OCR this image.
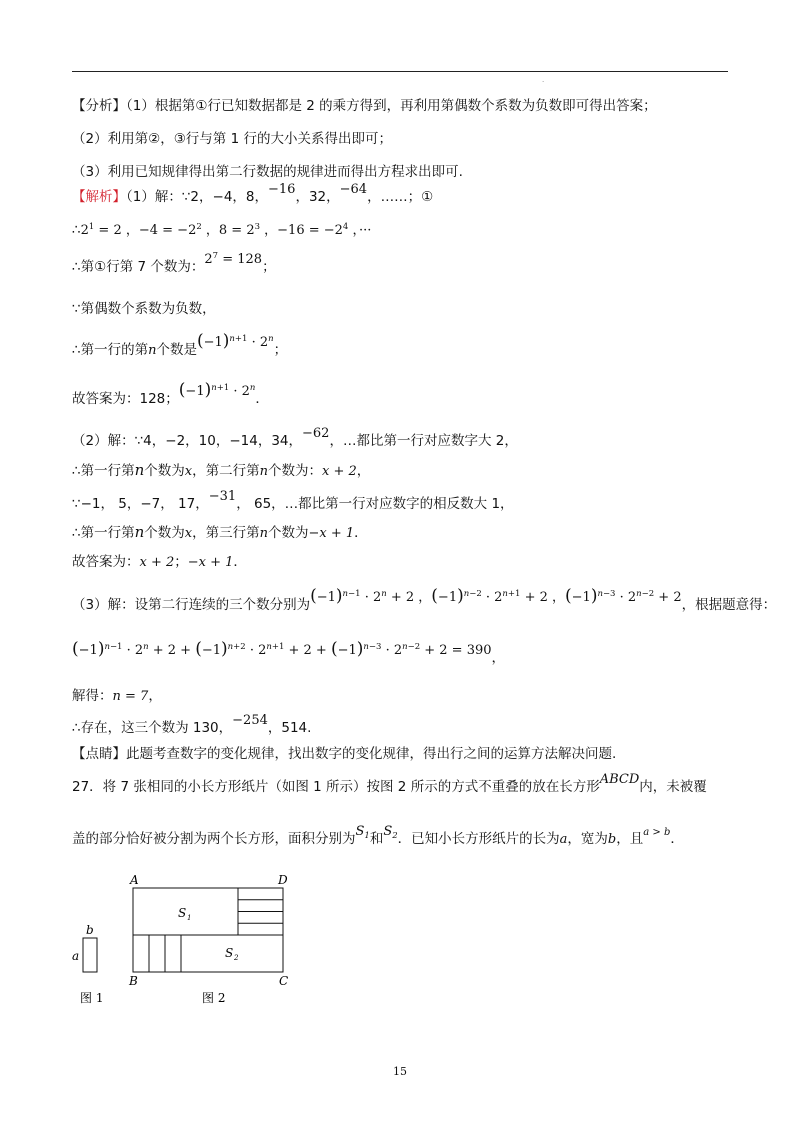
·
【分析】（1）根据第①行已知数据都是 2 的乘方得到，再利用第偶数个系数为负数即可得出答案；
（2）利用第②，③行与第 1 行的大小关系得出即可；
（3）利用已知规律得出第二行数据的规律进而得出方程求出即可.
【解析】（1）解：∵2，−4，8，−16，32，−64，……；①
$\therefore 2^1 = 2$ ，$-4 = -2^2$ ，$8 = 2^3$ ，$-16 = -2^4$ ，···
∴第①行第 7 个数为：$2^7 = 128$；
∵第偶数个系数为负数，
∴第一行的第n个数是$(-1)^{n+1} \cdot 2^n$；
故答案为：128；$(-1)^{n+1} \cdot 2^n$．
（2）解：∵4，−2，10，−14，34，−62，…都比第一行对应数字大 2，
∴第一行第n个数为x，第二行第n个数为：x + 2，
∵−1， 5，−7， 17，−31， 65，…都比第一行对应数字的相反数大 1，
∴第一行第n个数为x，第三行第n个数为−x + 1．
故答案为：x + 2；−x + 1．
（3）解：设第二行连续的三个数分别为$(-1)^{n-1} \cdot 2^n + 2$ ，$(-1)^{n-2} \cdot 2^{n+1} + 2$ ，$(-1)^{n-3} \cdot 2^{n-2} + 2$，根据题意得：
$(-1)^{n-1} \cdot 2^n + 2 + (-1)^{n+2} \cdot 2^{n+1} + 2 + (-1)^{n-3} \cdot 2^{n-2} + 2 = 390$，
解得：n = 7，
∴存在，这三个数为 130，−254，514.
【点睛】此题考查数字的变化规律，找出数字的变化规律，得出行之间的运算方法解决问题.
27．将 7 张相同的小长方形纸片（如图 1 所示）按图 2 所示的方式不重叠的放在长方形ABCD内，未被覆
盖的部分恰好被分割为两个长方形，面积分别为$S_1$和$S_2$．已知小长方形纸片的长为a，宽为b，且$^{a > b}$．
b
a
图 1
A	D
B	C
S 1
S 2
图 2
15
